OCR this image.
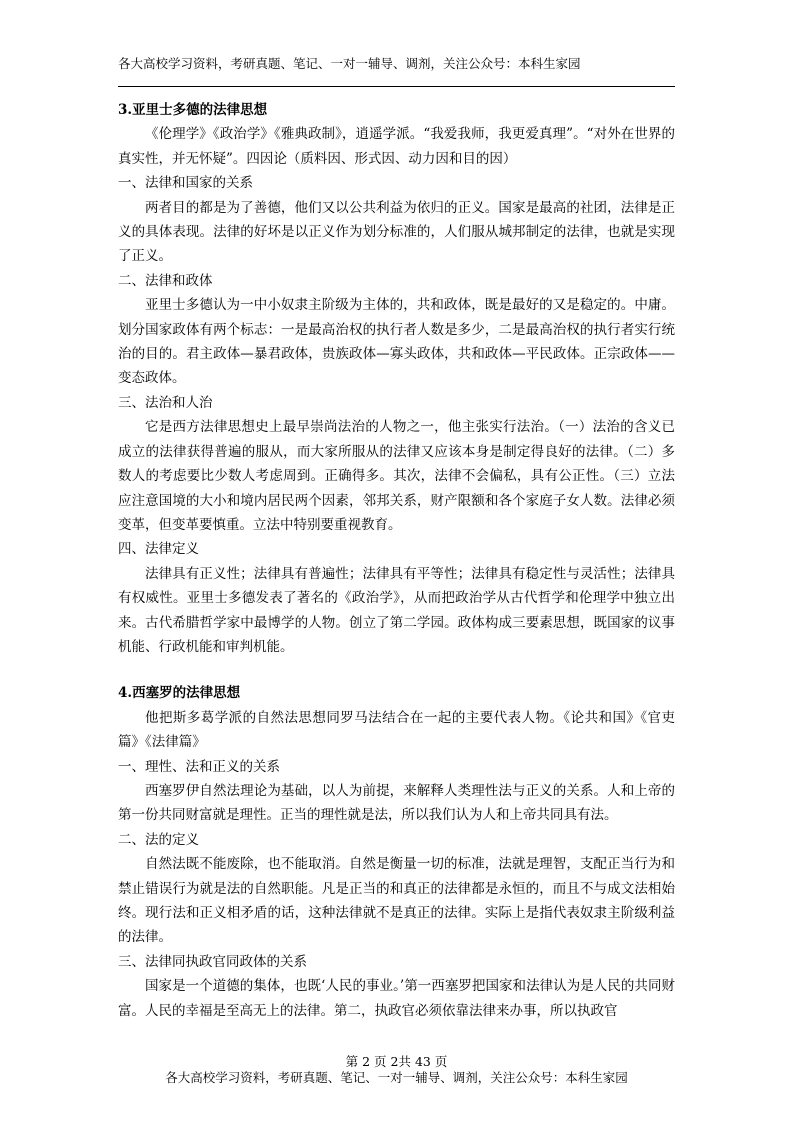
各大高校学习资料，考研真题、笔记、一对一辅导、调剂，关注公众号：本科生家园

3.亚里士多德的法律思想

《伦理学》《政治学》《雅典政制》，逍遥学派。“我爱我师，我更爱真理”。“对外在世界的真实性，并无怀疑”。四因论（质料因、形式因、动力因和目的因）

一、法律和国家的关系

两者目的都是为了善德，他们又以公共利益为依归的正义。国家是最高的社团，法律是正义的具体表现。法律的好坏是以正义作为划分标准的，人们服从城邦制定的法律，也就是实现了正义。

二、法律和政体

亚里士多德认为一中小奴隶主阶级为主体的，共和政体，既是最好的又是稳定的。中庸。划分国家政体有两个标志：一是最高治权的执行者人数是多少，二是最高治权的执行者实行统治的目的。君主政体—暴君政体，贵族政体—寡头政体，共和政体—平民政体。正宗政体——变态政体。

三、法治和人治

它是西方法律思想史上最早崇尚法治的人物之一，他主张实行法治。（一）法治的含义已成立的法律获得普遍的服从，而大家所服从的法律又应该本身是制定得良好的法律。（二）多数人的考虑要比少数人考虑周到。正确得多。其次，法律不会偏私，具有公正性。（三）立法　应注意国境的大小和境内居民两个因素，邻邦关系，财产限额和各个家庭子女人数。法律必须变革，但变革要慎重。立法中特别要重视教育。

四、法律定义

法律具有正义性；法律具有普遍性；法律具有平等性；法律具有稳定性与灵活性；法律具有权威性。亚里士多德发表了著名的《政治学》，从而把政治学从古代哲学和伦理学中独立出来。古代希腊哲学家中最博学的人物。创立了第二学园。政体构成三要素思想，既国家的议事机能、行政机能和审判机能。

4.西塞罗的法律思想

他把斯多葛学派的自然法思想同罗马法结合在一起的主要代表人物。《论共和国》《官吏篇》《法律篇》

一、理性、法和正义的关系

西塞罗伊自然法理论为基础，以人为前提，来解释人类理性法与正义的关系。人和上帝的第一份共同财富就是理性。正当的理性就是法，所以我们认为人和上帝共同具有法。

二、法的定义

自然法既不能废除，也不能取消。自然是衡量一切的标准，法就是理智，支配正当行为和禁止错误行为就是法的自然职能。凡是正当的和真正的法律都是永恒的，而且不与成文法相始终。现行法和正义相矛盾的话，这种法律就不是真正的法律。实际上是指代表奴隶主阶级利益的法律。

三、法律同执政官同政体的关系

国家是一个道德的集体，也既‘人民的事业。’第一西塞罗把国家和法律认为是人民的共同财富。人民的幸福是至高无上的法律。第二，执政官必须依靠法律来办事，所以执政官

第 2 页 2共 43 页
各大高校学习资料，考研真题、笔记、一对一辅导、调剂，关注公众号：本科生家园
